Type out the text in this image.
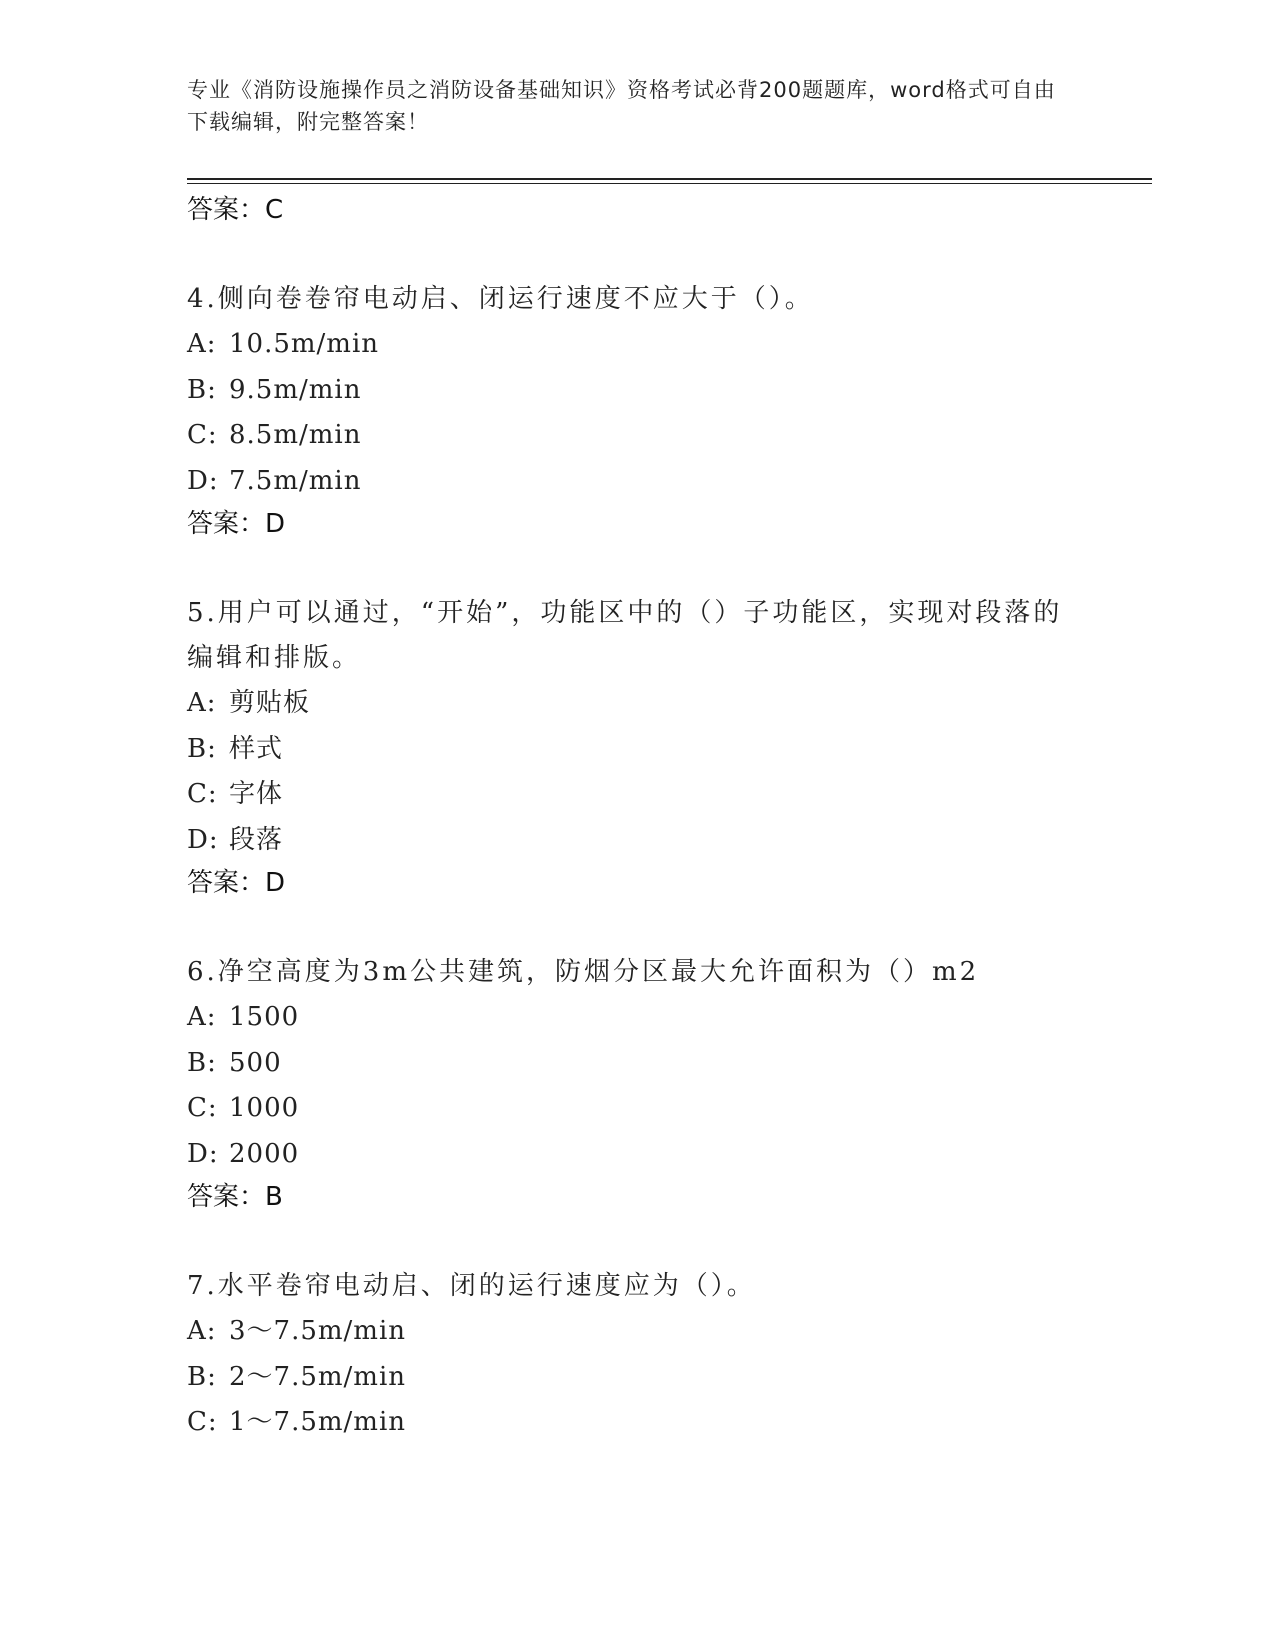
专业《消防设施操作员之消防设备基础知识》资格考试必背200题题库，word格式可自由下载编辑，附完整答案！
答案：C
4.侧向卷卷帘电动启、闭运行速度不应大于（）。
A: 10.5m/min
B: 9.5m/min
C: 8.5m/min
D: 7.5m/min
答案：D
5.用户可以通过，“开始”，功能区中的（）子功能区，实现对段落的编辑和排版。
A: 剪贴板
B: 样式
C: 字体
D: 段落
答案：D
6.净空高度为3m公共建筑，防烟分区最大允许面积为（）m2
A: 1500
B: 500
C: 1000
D: 2000
答案：B
7.水平卷帘电动启、闭的运行速度应为（）。
A: 3～7.5m/min
B: 2～7.5m/min
C: 1～7.5m/min
